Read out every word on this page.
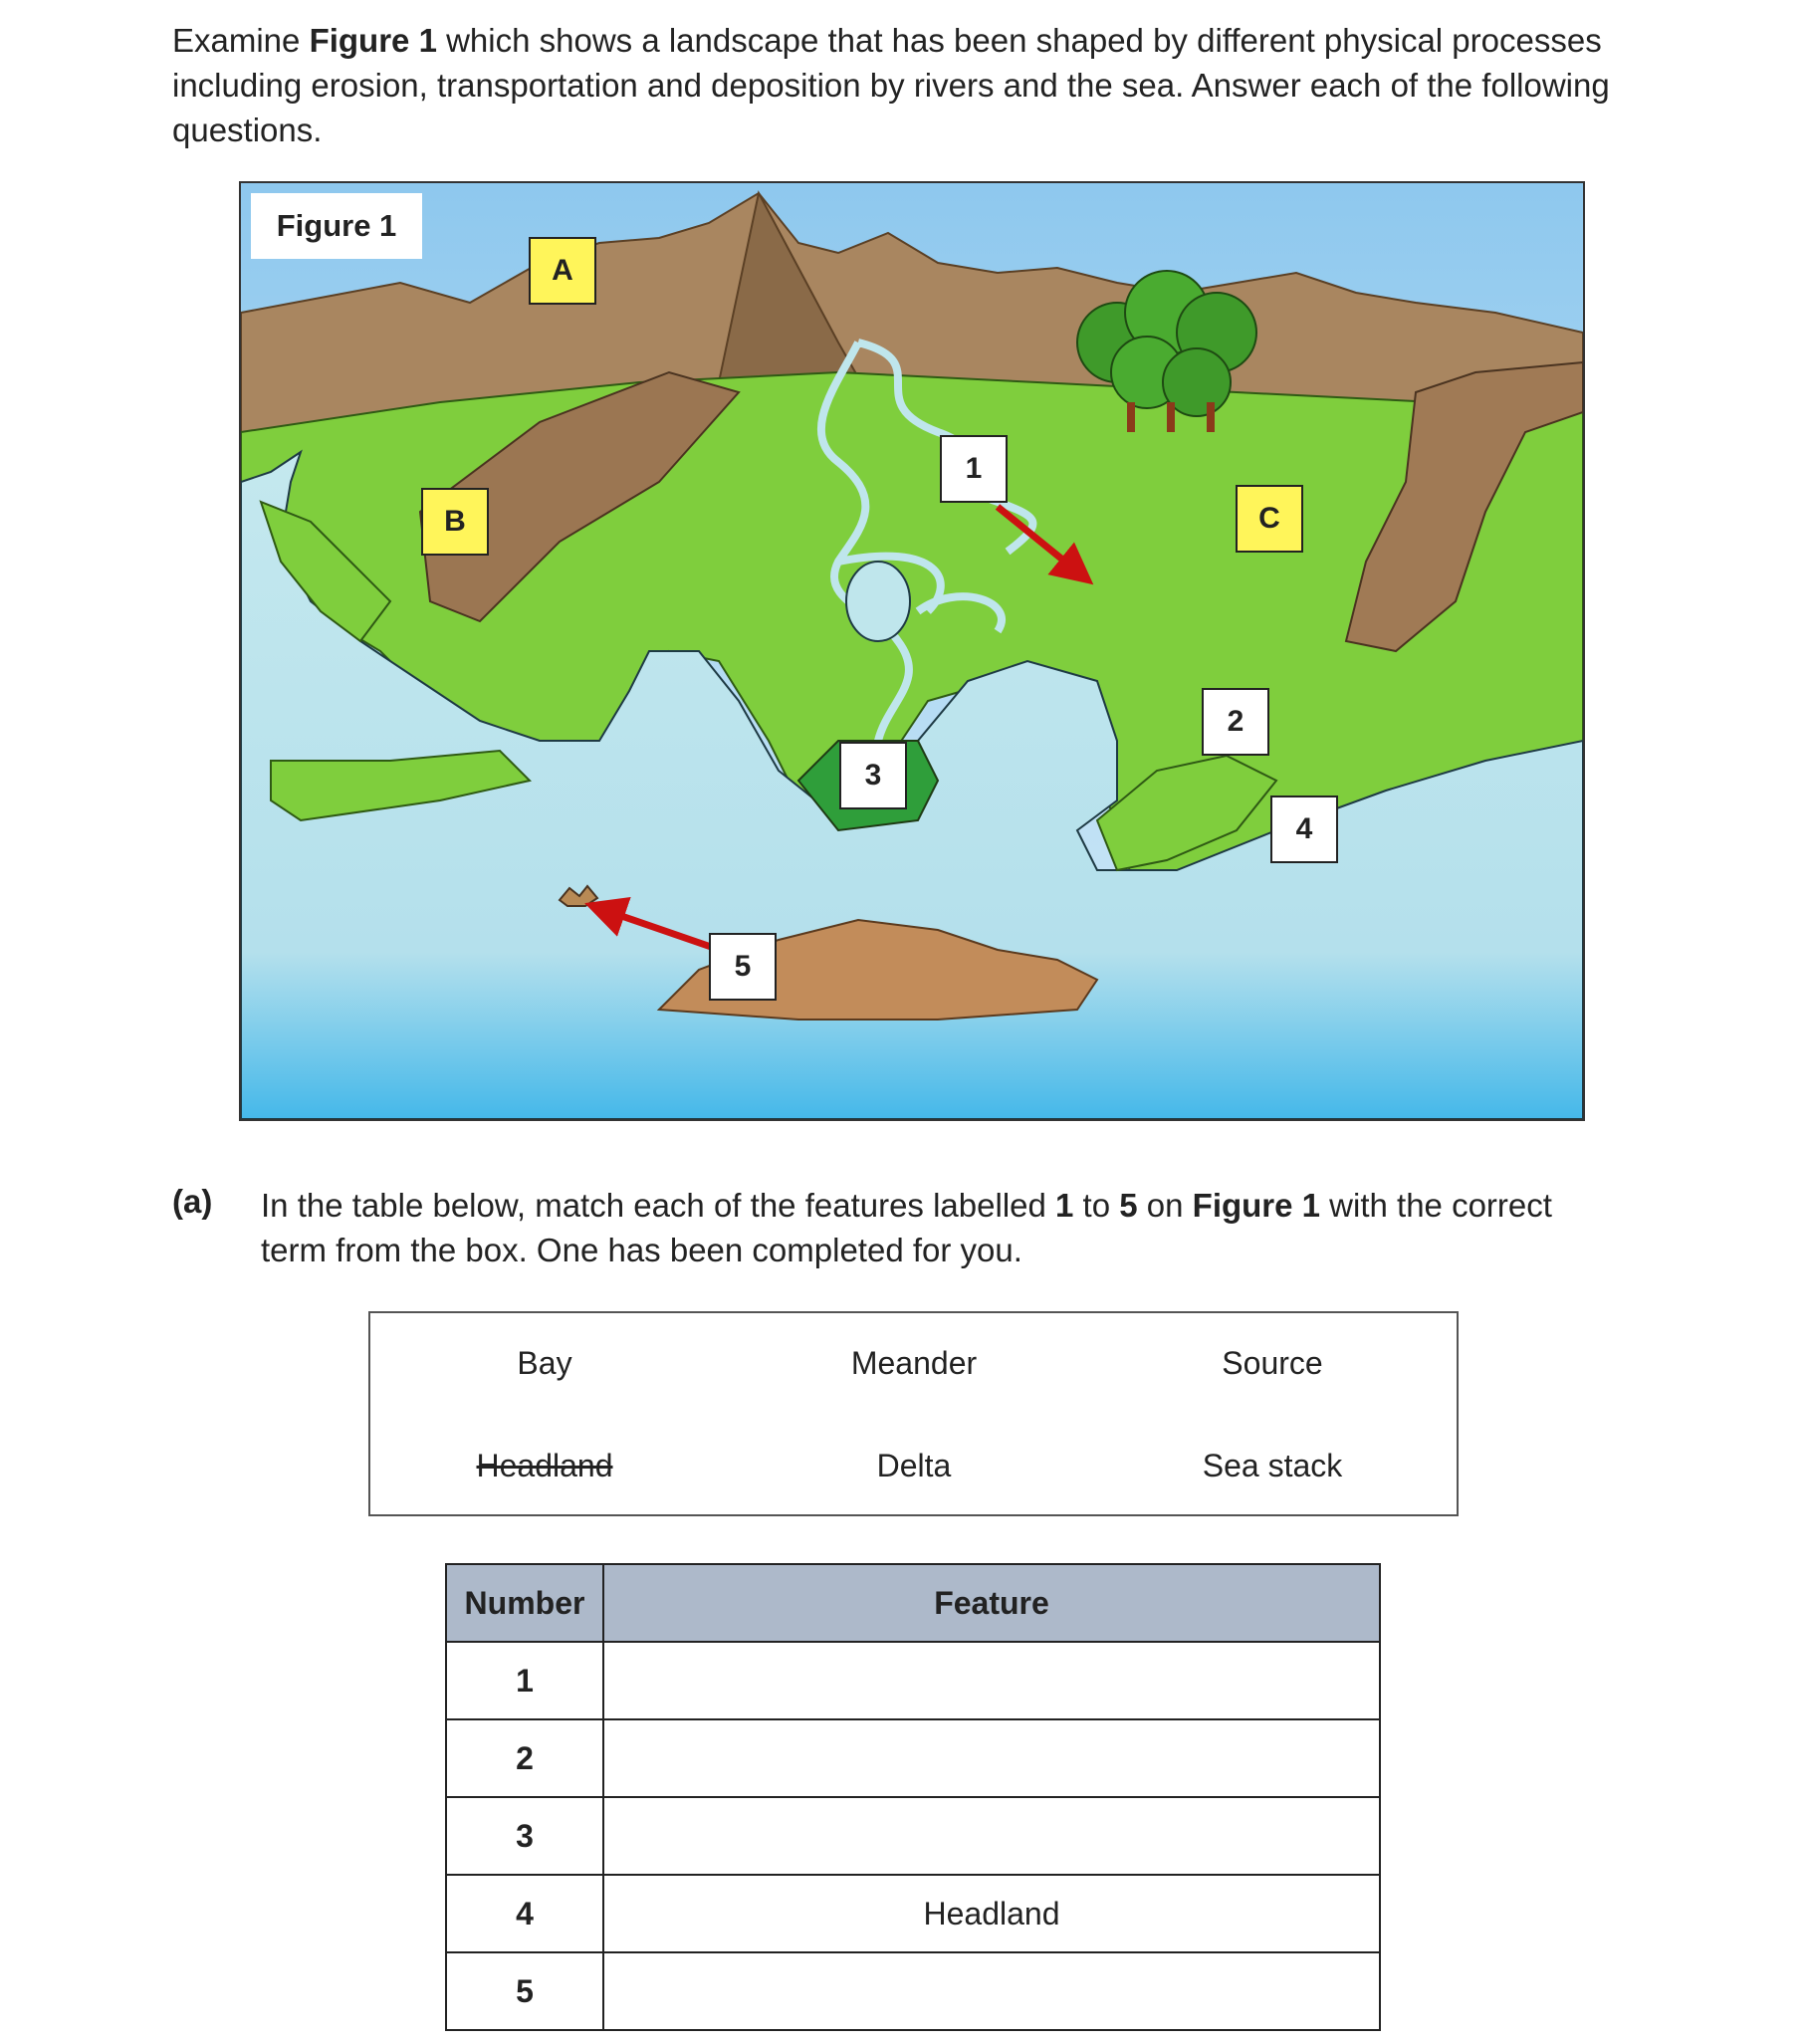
Examine Figure 1 which shows a landscape that has been shaped by different physical processes including erosion, transportation and deposition by rivers and the sea. Answer each of the following questions.
Figure 1
A
B	C
1
2
3
4
5
(a) In the table below, match each of the features labelled 1 to 5 on Figure 1 with the correct term from the box. One has been completed for you.
Bay	Meander	Source
Headland	Delta	Sea stack
Number	Feature
1	
2	
3	
4	Headland
5	
